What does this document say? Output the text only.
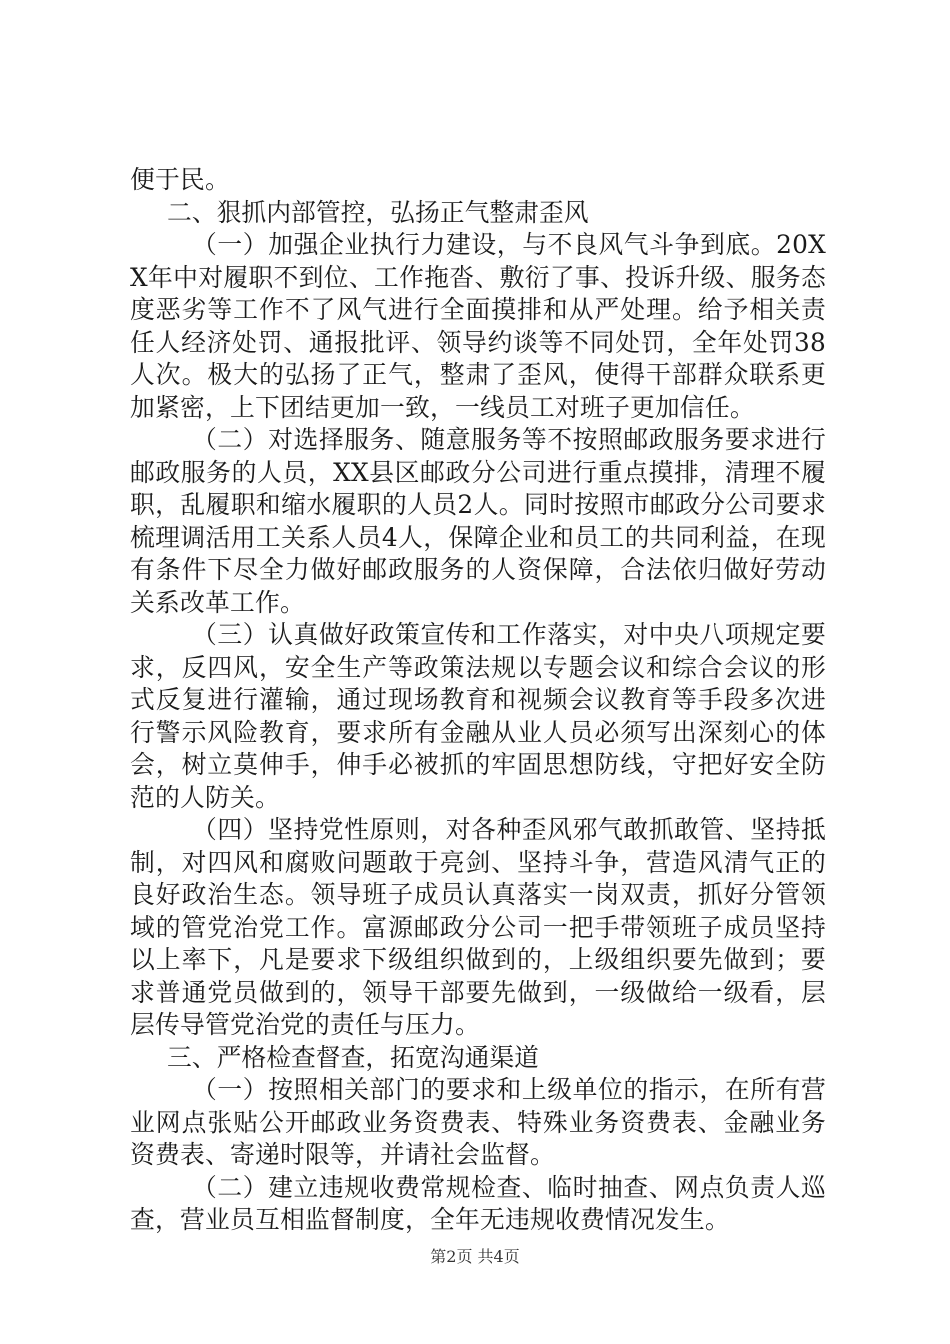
便于民。

二、狠抓内部管控，弘扬正气整肃歪风

（一）加强企业执行力建设，与不良风气斗争到底。20XX年中对履职不到位、工作拖沓、敷衍了事、投诉升级、服务态度恶劣等工作不了风气进行全面摸排和从严处理。给予相关责任人经济处罚、通报批评、领导约谈等不同处罚，全年处罚38人次。极大的弘扬了正气，整肃了歪风，使得干部群众联系更加紧密，上下团结更加一致，一线员工对班子更加信任。

（二）对选择服务、随意服务等不按照邮政服务要求进行邮政服务的人员，XX县区邮政分公司进行重点摸排，清理不履职，乱履职和缩水履职的人员2人。同时按照市邮政分公司要求梳理调活用工关系人员4人，保障企业和员工的共同利益，在现有条件下尽全力做好邮政服务的人资保障，合法依归做好劳动关系改革工作。

（三）认真做好政策宣传和工作落实，对中央八项规定要求，反四风，安全生产等政策法规以专题会议和综合会议的形式反复进行灌输，通过现场教育和视频会议教育等手段多次进行警示风险教育，要求所有金融从业人员必须写出深刻心的体会，树立莫伸手，伸手必被抓的牢固思想防线，守把好安全防范的人防关。

（四）坚持党性原则，对各种歪风邪气敢抓敢管、坚持抵制，对四风和腐败问题敢于亮剑、坚持斗争，营造风清气正的良好政治生态。领导班子成员认真落实一岗双责，抓好分管领域的管党治党工作。富源邮政分公司一把手带领班子成员坚持以上率下，凡是要求下级组织做到的，上级组织要先做到；要求普通党员做到的，领导干部要先做到，一级做给一级看，层层传导管党治党的责任与压力。

三、严格检查督查，拓宽沟通渠道

（一）按照相关部门的要求和上级单位的指示，在所有营业网点张贴公开邮政业务资费表、特殊业务资费表、金融业务资费表、寄递时限等，并请社会监督。

（二）建立违规收费常规检查、临时抽查、网点负责人巡查，营业员互相监督制度，全年无违规收费情况发生。

第2页 共4页
